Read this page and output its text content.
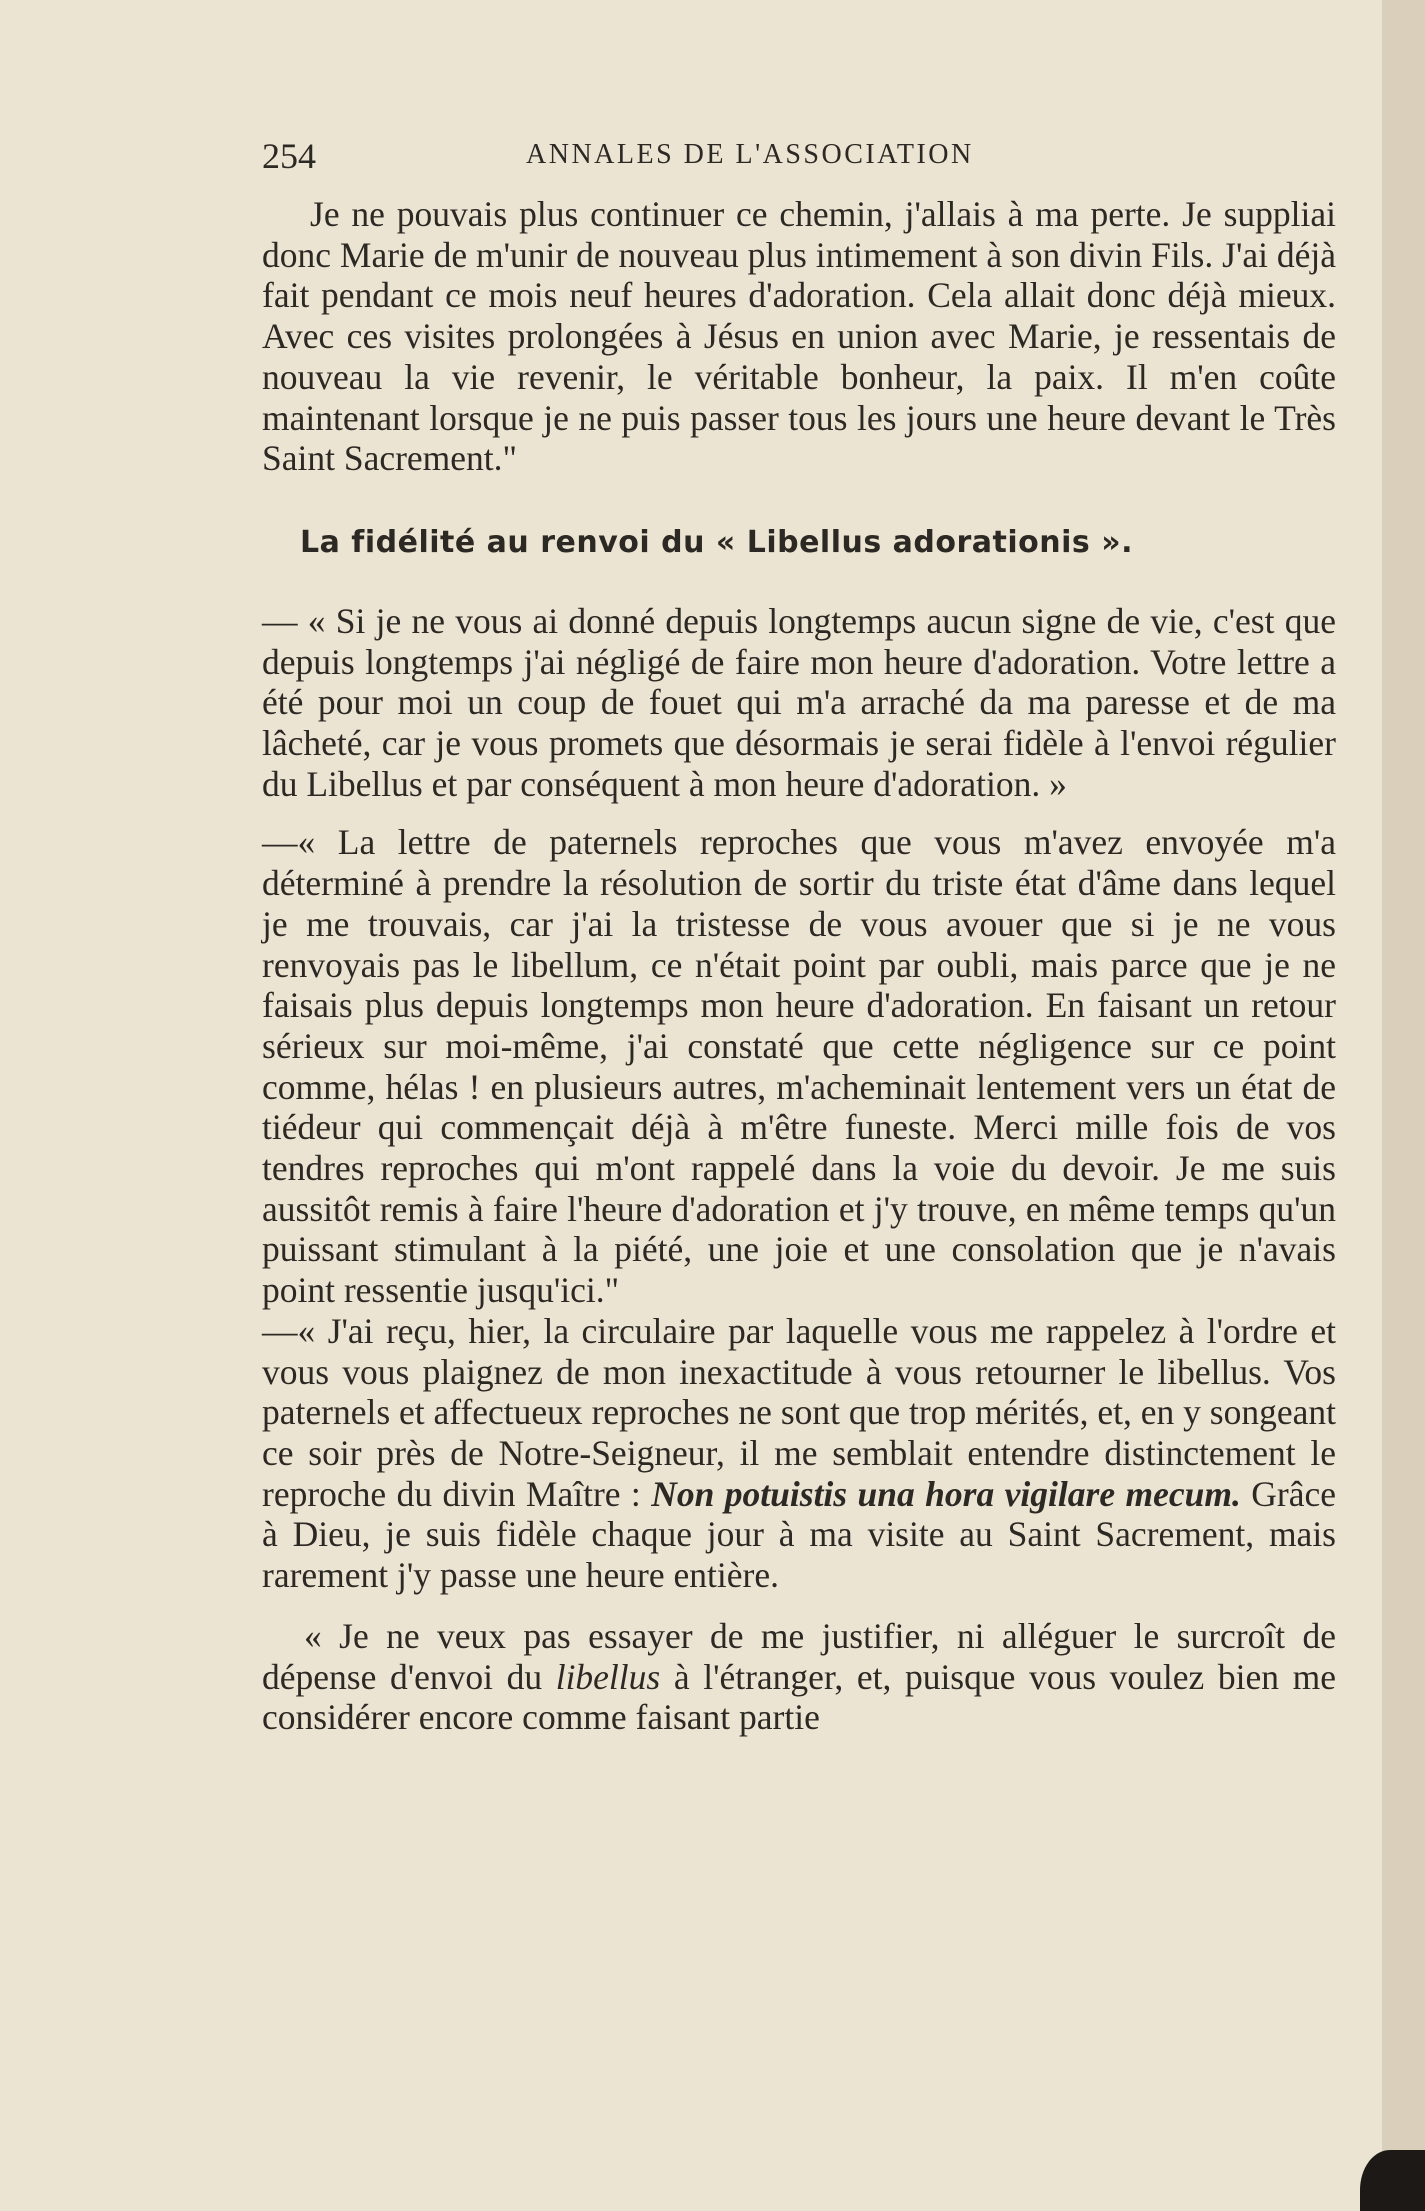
254	ANNALES DE L'ASSOCIATION

Je ne pouvais plus continuer ce chemin, j'allais à ma perte. Je suppliai donc Marie de m'unir de nouveau plus intimement à son divin Fils. J'ai déjà fait pendant ce mois neuf heures d'adoration. Cela allait donc déjà mieux. Avec ces visites prolongées à Jésus en union avec Marie, je ressentais de nouveau la vie revenir, le véritable bonheur, la paix. Il m'en coûte maintenant lorsque je ne puis passer tous les jours une heure devant le Très Saint Sacrement."

La fidélité au renvoi du « Libellus adorationis ».

— « Si je ne vous ai donné depuis longtemps aucun signe de vie, c'est que depuis longtemps j'ai négligé de faire mon heure d'adoration. Votre lettre a été pour moi un coup de fouet qui m'a arraché da ma paresse et de ma lâcheté, car je vous promets que désormais je serai fidèle à l'envoi régulier du Libellus et par conséquent à mon heure d'adoration. »

—« La lettre de paternels reproches que vous m'avez envoyée m'a déterminé à prendre la résolution de sortir du triste état d'âme dans lequel je me trouvais, car j'ai la tristesse de vous avouer que si je ne vous renvoyais pas le libellum, ce n'était point par oubli, mais parce que je ne faisais plus depuis longtemps mon heure d'adoration. En faisant un retour sérieux sur moi-même, j'ai constaté que cette négligence sur ce point comme, hélas ! en plusieurs autres, m'acheminait lentement vers un état de tiédeur qui commençait déjà à m'être funeste. Merci mille fois de vos tendres reproches qui m'ont rappelé dans la voie du devoir. Je me suis aussitôt remis à faire l'heure d'adoration et j'y trouve, en même temps qu'un puissant stimulant à la piété, une joie et une consolation que je n'avais point ressentie jusqu'ici."

—« J'ai reçu, hier, la circulaire par laquelle vous me rappelez à l'ordre et vous vous plaignez de mon inexactitude à vous retourner le libellus. Vos paternels et affectueux reproches ne sont que trop mérités, et, en y songeant ce soir près de Notre-Seigneur, il me semblait entendre distinctement le reproche du divin Maître : Non potuistis una hora vigilare mecum. Grâce à Dieu, je suis fidèle chaque jour à ma visite au Saint Sacrement, mais rarement j'y passe une heure entière.

« Je ne veux pas essayer de me justifier, ni alléguer le surcroît de dépense d'envoi du libellus à l'étranger, et, puisque vous voulez bien me considérer encore comme faisant partie
